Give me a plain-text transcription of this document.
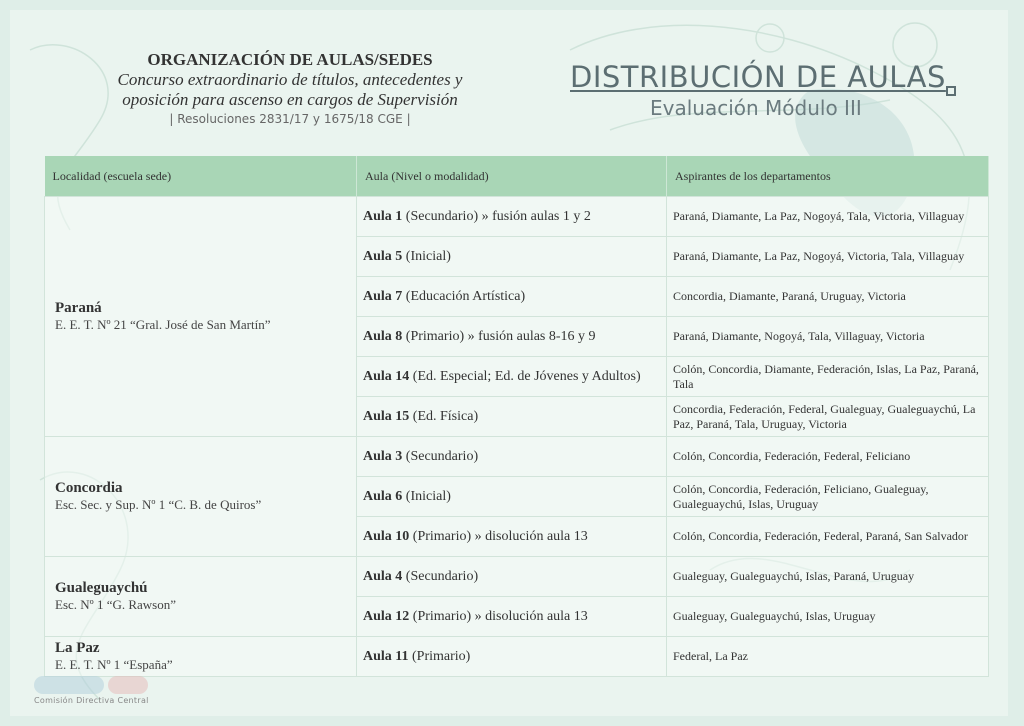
ORGANIZACIÓN DE AULAS/SEDES
Concurso extraordinario de títulos, antecedentes y
oposición para ascenso en cargos de Supervisión
| Resoluciones 2831/17 y 1675/18 CGE |
DISTRIBUCIÓN DE AULAS
Evaluación Módulo III
Localidad (escuela sede)	Aula (Nivel o modalidad)	Aspirantes de los departamentos

Paraná
E. E. T. Nº 21 “Gral. José de San Martín”	Aula 1 (Secundario) » fusión aulas 1 y 2	Paraná, Diamante, La Paz, Nogoyá, Tala, Victoria, Villaguay
	Aula 5 (Inicial)	Paraná, Diamante, La Paz, Nogoyá, Victoria, Tala, Villaguay
	Aula 7 (Educación Artística)	Concordia, Diamante, Paraná, Uruguay, Victoria
	Aula 8 (Primario) » fusión aulas 8-16 y 9	Paraná, Diamante, Nogoyá, Tala, Villaguay, Victoria
	Aula 14 (Ed. Especial; Ed. de Jóvenes y Adultos)	Colón, Concordia, Diamante, Federación, Islas, La Paz, Paraná, Tala
	Aula 15 (Ed. Física)	Concordia, Federación, Federal, Gualeguay, Gualeguaychú, La Paz, Paraná, Tala, Uruguay, Victoria

Concordia
Esc. Sec. y Sup. Nº 1 “C. B. de Quiros”	Aula 3 (Secundario)	Colón, Concordia, Federación, Federal, Feliciano
	Aula 6 (Inicial)	Colón, Concordia, Federación, Feliciano, Gualeguay, Gualeguaychú, Islas, Uruguay
	Aula 10 (Primario) » disolución aula 13	Colón, Concordia, Federación, Federal, Paraná, San Salvador

Gualeguaychú
Esc. Nº 1 “G. Rawson”	Aula 4 (Secundario)	Gualeguay, Gualeguaychú, Islas, Paraná, Uruguay
	Aula 12 (Primario) » disolución aula 13	Gualeguay, Gualeguaychú, Islas, Uruguay

La Paz
E. E. T. Nº 1 “España”	Aula 11 (Primario)	Federal, La Paz
Comisión Directiva Central
